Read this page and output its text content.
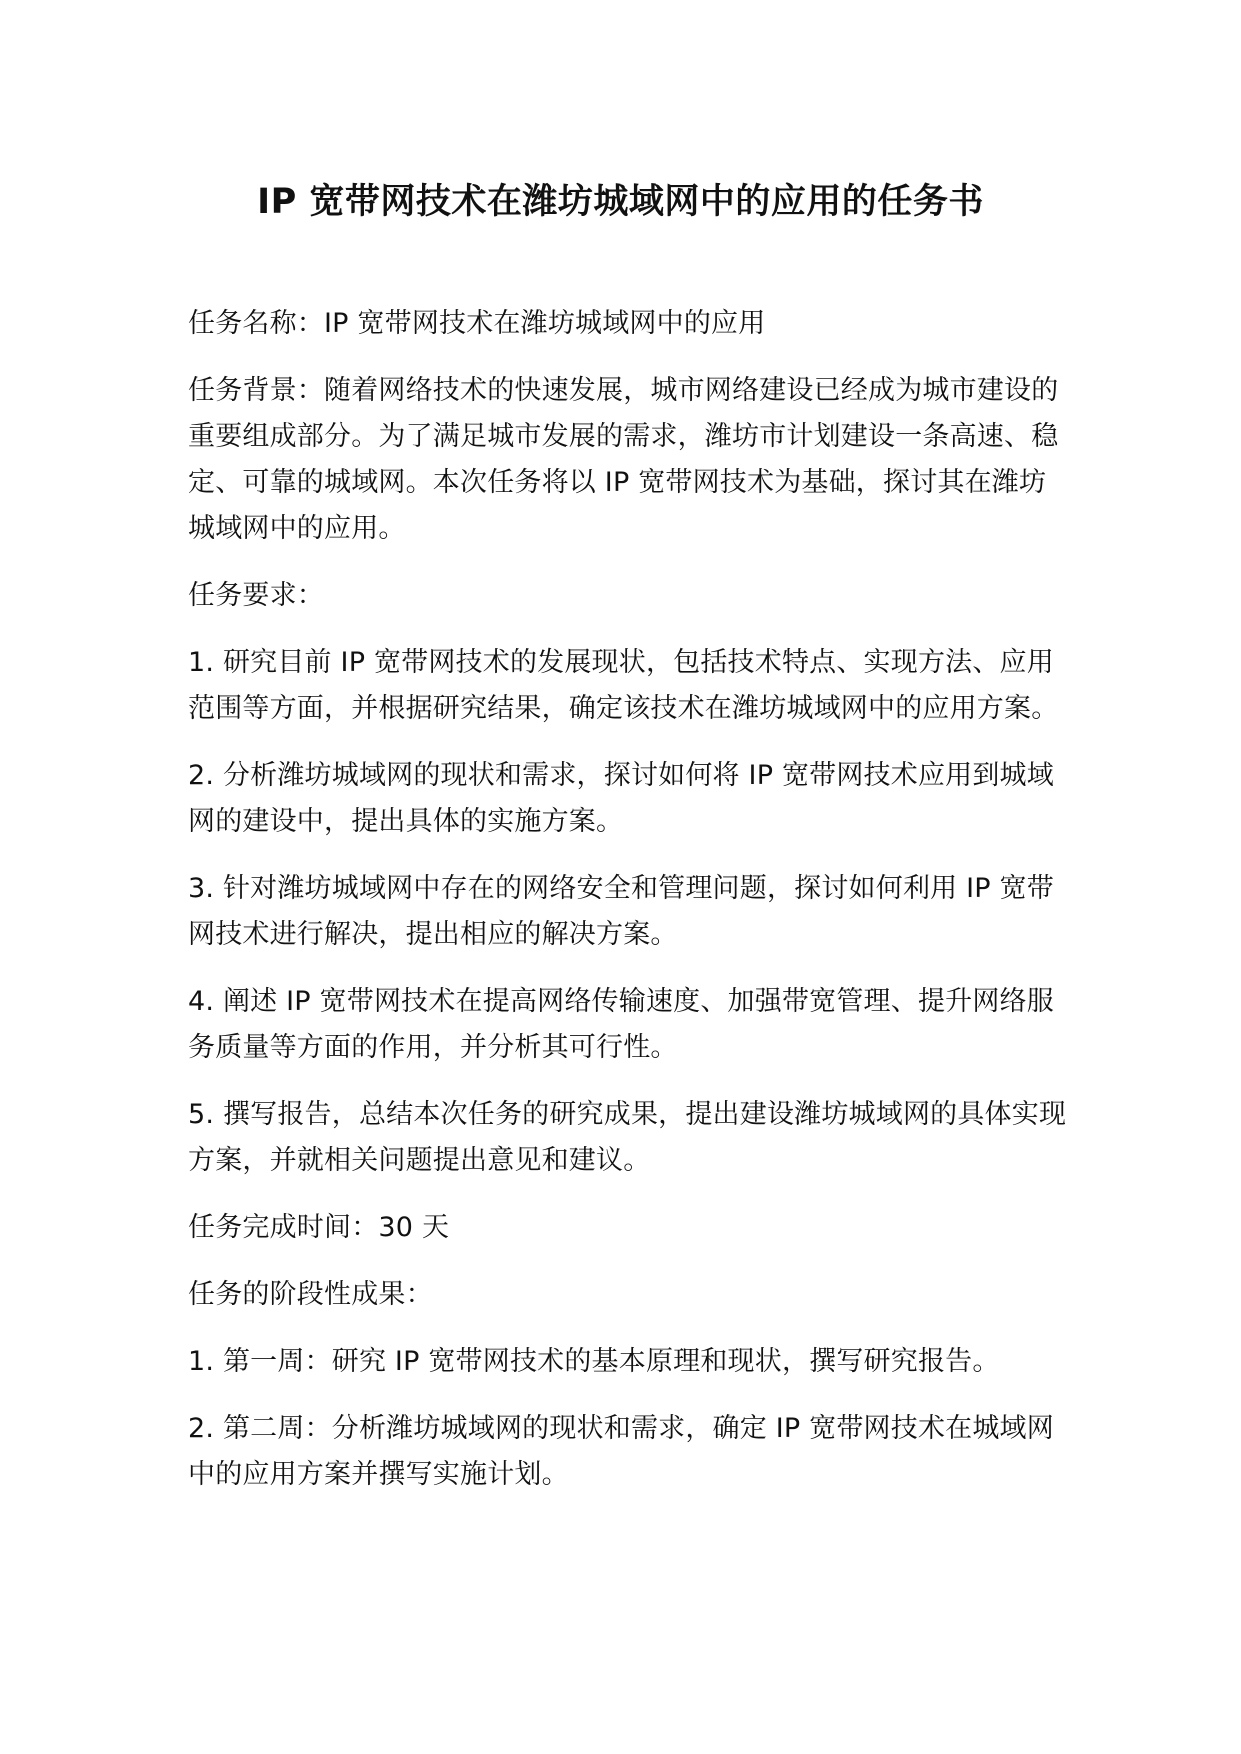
IP 宽带网技术在潍坊城域网中的应用的任务书

任务名称：IP 宽带网技术在潍坊城域网中的应用

任务背景：随着网络技术的快速发展，城市网络建设已经成为城市建设的重要组成部分。为了满足城市发展的需求，潍坊市计划建设一条高速、稳定、可靠的城域网。本次任务将以 IP 宽带网技术为基础，探讨其在潍坊城域网中的应用。

任务要求：

1. 研究目前 IP 宽带网技术的发展现状，包括技术特点、实现方法、应用范围等方面，并根据研究结果，确定该技术在潍坊城域网中的应用方案。

2. 分析潍坊城域网的现状和需求，探讨如何将 IP 宽带网技术应用到城域网的建设中，提出具体的实施方案。

3. 针对潍坊城域网中存在的网络安全和管理问题，探讨如何利用 IP 宽带网技术进行解决，提出相应的解决方案。

4. 阐述 IP 宽带网技术在提高网络传输速度、加强带宽管理、提升网络服务质量等方面的作用，并分析其可行性。

5. 撰写报告，总结本次任务的研究成果，提出建设潍坊城域网的具体实现方案，并就相关问题提出意见和建议。

任务完成时间：30 天

任务的阶段性成果：

1. 第一周：研究 IP 宽带网技术的基本原理和现状，撰写研究报告。

2. 第二周：分析潍坊城域网的现状和需求，确定 IP 宽带网技术在城域网中的应用方案并撰写实施计划。
